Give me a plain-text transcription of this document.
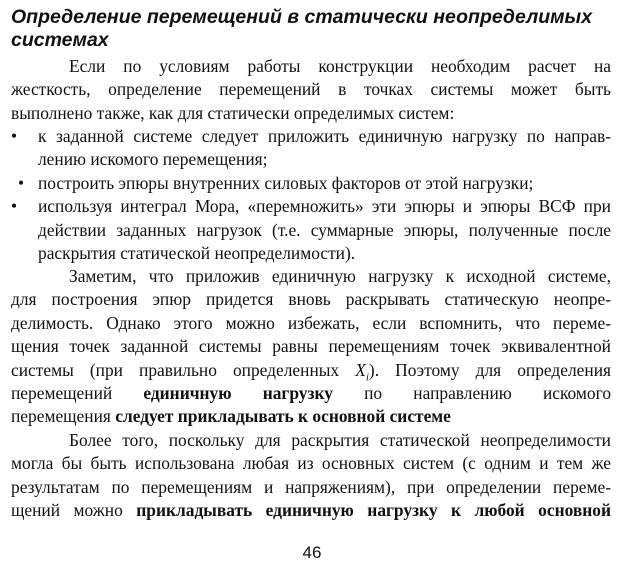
Определение перемещений в статически неопределимых
системах
Если по условиям работы конструкции необходим расчет на
жесткость, определение перемещений в точках системы может быть
выполнено также, как для статически определимых систем:
•	к заданной системе следует приложить единичную нагрузку по направ-
лению искомого перемещения;
• построить эпюры внутренних силовых факторов от этой нагрузки;
•	используя интеграл Мора, «перемножить» эти эпюры и эпюры ВСФ при
действии заданных нагрузок (т.е. суммарные эпюры, полученные после
раскрытия статической неопределимости).
Заметим, что приложив единичную нагрузку к исходной системе,
для построения эпюр придется вновь раскрывать статическую неопре-
делимость. Однако этого можно избежать, если вспомнить, что переме-
щения точек заданной системы равны перемещениям точек эквивалентной
системы (при правильно определенных $X_i$). Поэтому для определения
перемещений единичную нагрузку по направлению искомого
перемещения следует прикладывать к основной системе
Более того, поскольку для раскрытия статической неопределимости
могла бы быть использована любая из основных систем (с одним и тем же
результатам по перемещениям и напряжениям), при определении переме-
щений можно прикладывать единичную нагрузку к любой основной
46
